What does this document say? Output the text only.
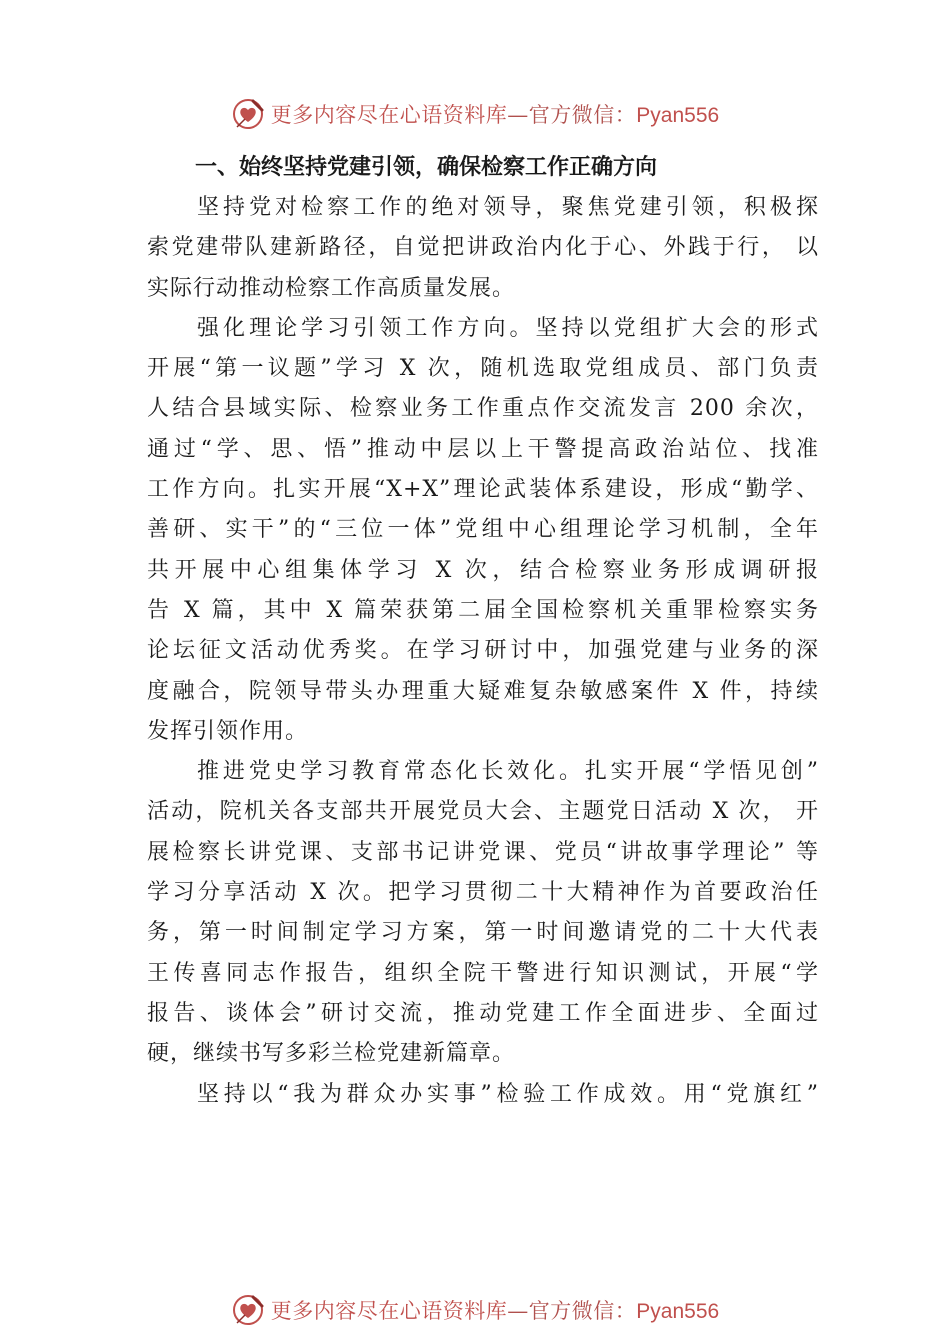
更多内容尽在心语资料库—官方微信：Pyan556
一、始终坚持党建引领，确保检察工作正确方向
坚持党对检察工作的绝对领导，聚焦党建引领，积极探
索党建带队建新路径，自觉把讲政治内化于心、外践于行， 以
实际行动推动检察工作高质量发展。
强化理论学习引领工作方向。坚持以党组扩大会的形式
开展“第一议题”学习 X 次，随机选取党组成员、部门负责
人结合县域实际、检察业务工作重点作交流发言 200 余次，
通过“学、思、悟”推动中层以上干警提高政治站位、找准
工作方向。扎实开展“X+X”理论武装体系建设，形成“勤学、
善研、实干”的“三位一体”党组中心组理论学习机制，全年
共开展中心组集体学习 X 次，结合检察业务形成调研报
告 X 篇，其中 X 篇荣获第二届全国检察机关重罪检察实务
论坛征文活动优秀奖。在学习研讨中，加强党建与业务的深
度融合，院领导带头办理重大疑难复杂敏感案件 X 件，持续
发挥引领作用。
推进党史学习教育常态化长效化。扎实开展“学悟见创”
活动，院机关各支部共开展党员大会、主题党日活动 X 次， 开
展检察长讲党课、支部书记讲党课、党员“讲故事学理论” 等
学习分享活动 X 次。把学习贯彻二十大精神作为首要政治任
务，第一时间制定学习方案，第一时间邀请党的二十大代表
王传喜同志作报告，组织全院干警进行知识测试，开展“学
报告、谈体会”研讨交流，推动党建工作全面进步、全面过
硬，继续书写多彩兰检党建新篇章。
坚持以“我为群众办实事”检验工作成效。用“党旗红”
更多内容尽在心语资料库—官方微信：Pyan556
